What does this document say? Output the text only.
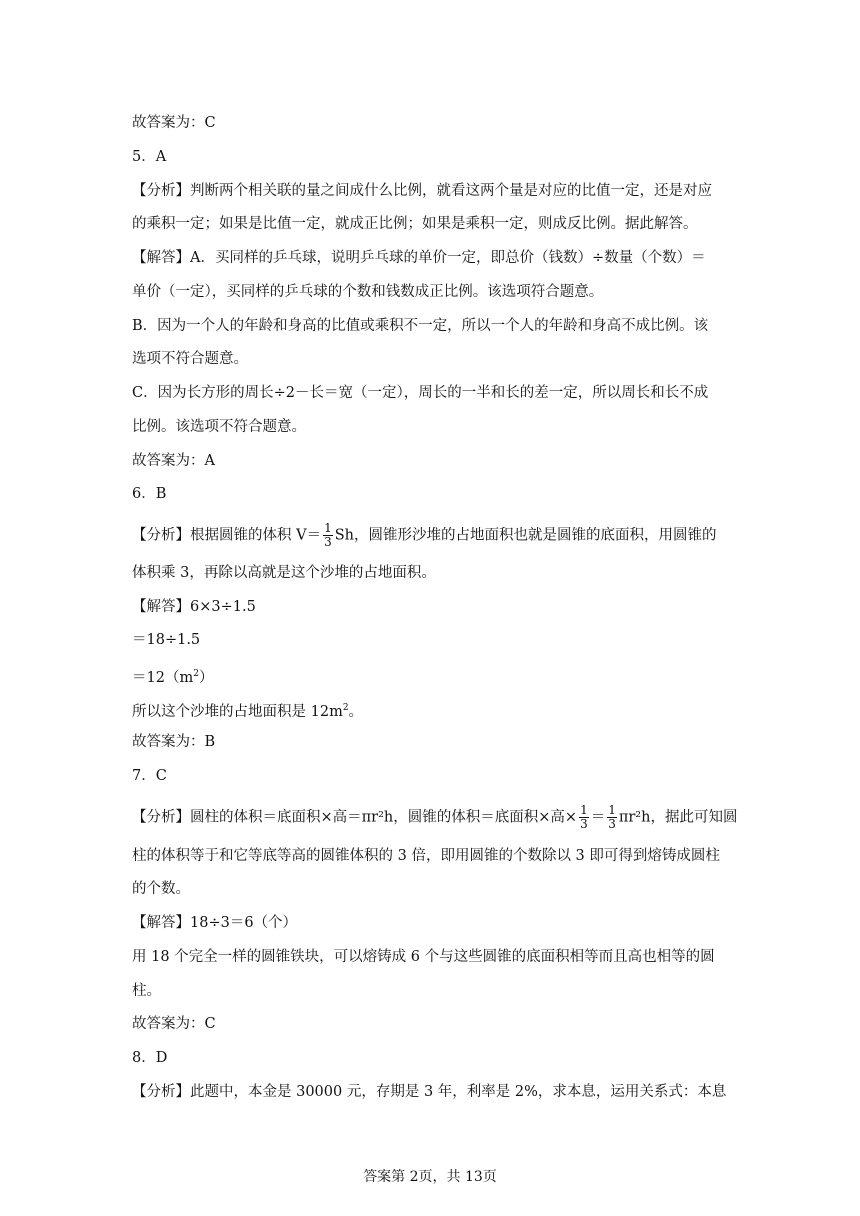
故答案为：C
5．A
【分析】判断两个相关联的量之间成什么比例，就看这两个量是对应的比值一定，还是对应
的乘积一定；如果是比值一定，就成正比例；如果是乘积一定，则成反比例。据此解答。
【解答】A．买同样的乒乓球，说明乒乓球的单价一定，即总价（钱数）÷数量（个数）＝
单价（一定），买同样的乒乓球的个数和钱数成正比例。该选项符合题意。
B．因为一个人的年龄和身高的比值或乘积不一定，所以一个人的年龄和身高不成比例。该
选项不符合题意。
C．因为长方形的周长÷2－长＝宽（一定），周长的一半和长的差一定，所以周长和长不成
比例。该选项不符合题意。
故答案为：A
6．B
【分析】根据圆锥的体积 $V= \frac{1}{3}$ Sh，圆锥形沙堆的占地面积也就是圆锥的底面积，用圆锥的
体积乘 3，再除以高就是这个沙堆的占地面积。
【解答】6×3÷1.5
＝18÷1.5
$=12(m^2)$
所以这个沙堆的占地面积是 $12m^2$。
故答案为：B
7．C
【分析】圆柱的体积＝底面积×高＝πr²h，圆锥的体积＝底面积×高× $\frac{1}{3} = \frac{1}{3} \pi r^2h$，据此可知圆
柱的体积等于和它等底等高的圆锥体积的 3 倍，即用圆锥的个数除以 3 即可得到熔铸成圆柱
的个数。
【解答】18÷3＝6（个）
用 18 个完全一样的圆锥铁块，可以熔铸成 6 个与这些圆锥的底面积相等而且高也相等的圆
柱。
故答案为：C
8．D
【分析】此题中，本金是 30000 元，存期是 3 年，利率是 2%，求本息，运用关系式：本息
答案第 2页，共 13页
